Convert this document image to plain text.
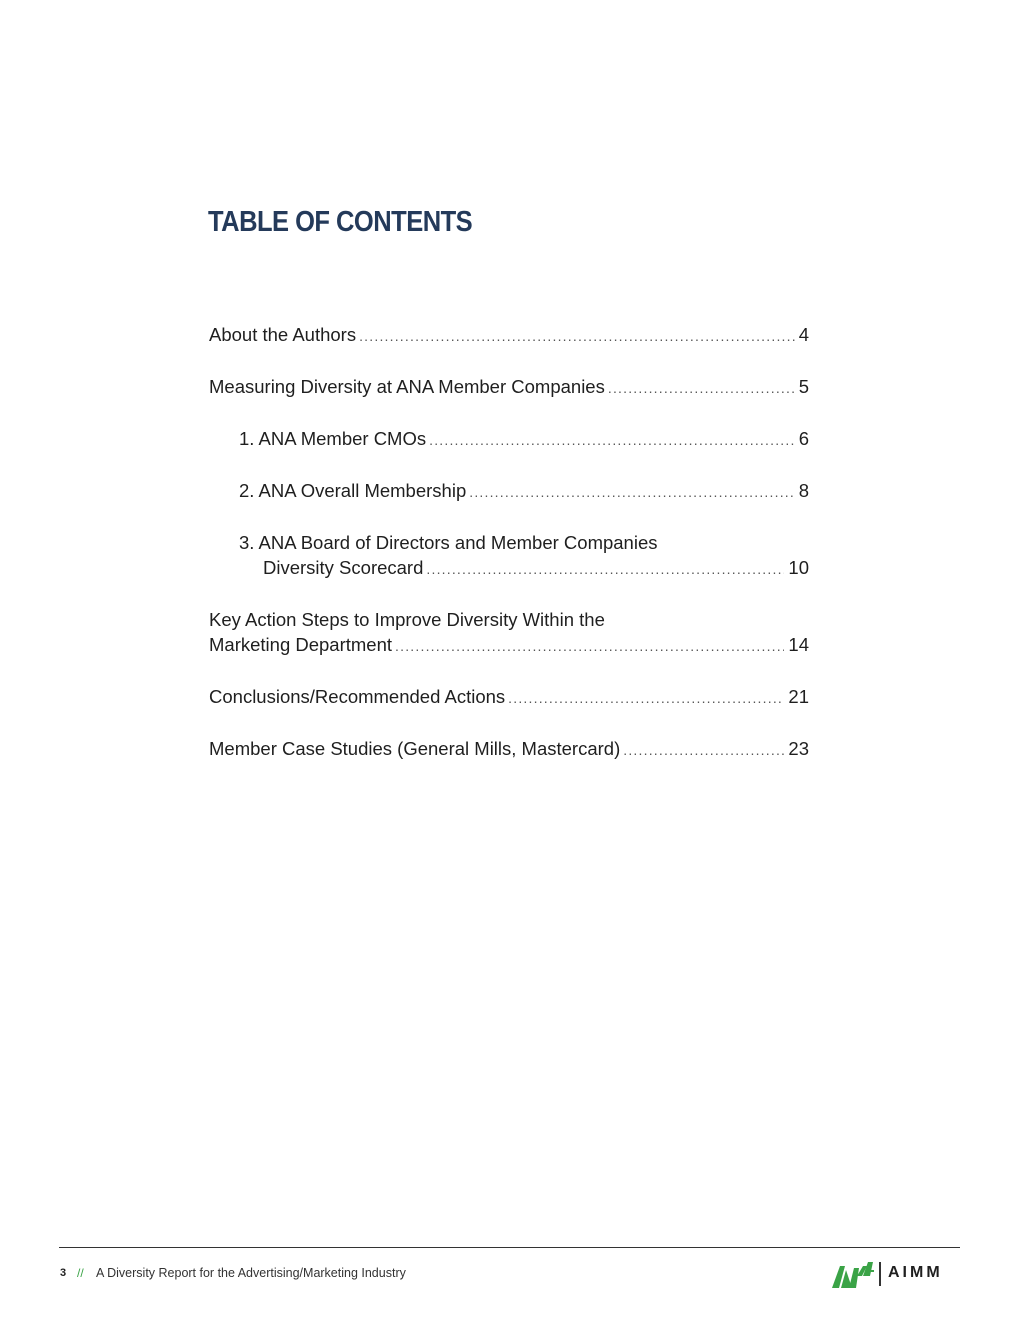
TABLE OF CONTENTS
About the Authors .....	4
Measuring Diversity at ANA Member Companies .....	5
1. ANA Member CMOs .....	6
2. ANA Overall Membership .....	8
3. ANA Board of Directors and Member Companies
Diversity Scorecard .....	10
Key Action Steps to Improve Diversity Within the
Marketing Department .....	14
Conclusions/Recommended Actions .....	21
Member Case Studies (General Mills, Mastercard) .....	23
3 // A Diversity Report for the Advertising/Marketing Industry	AIMM
